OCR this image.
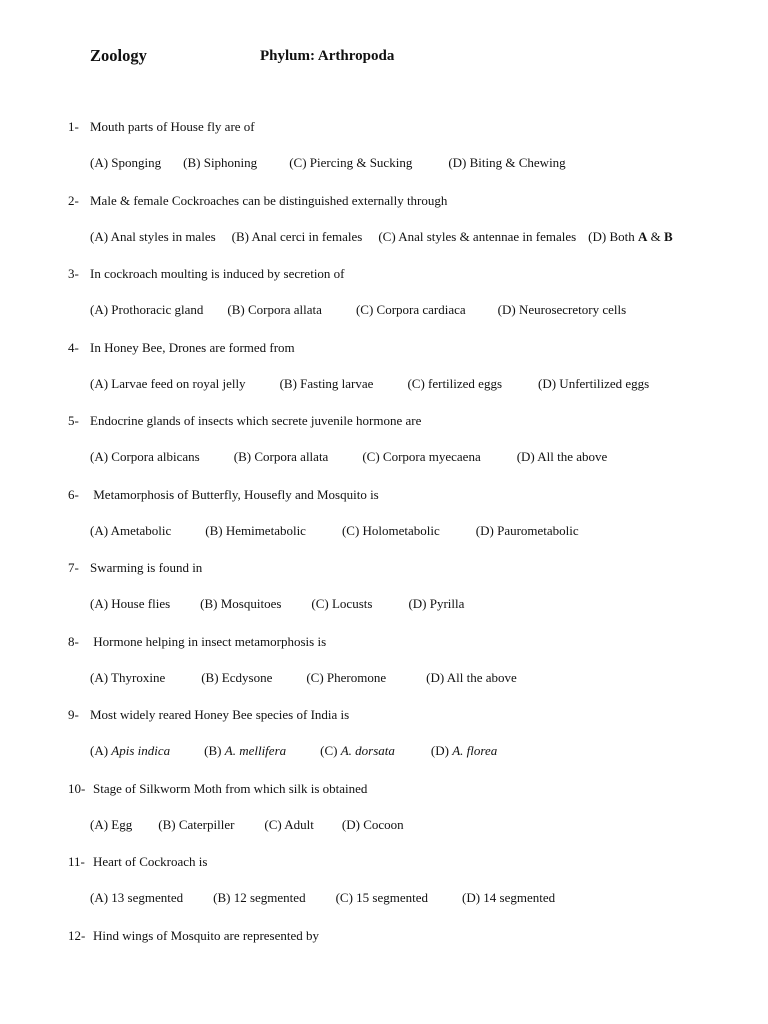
Zoology	Phylum: Arthropoda
1- Mouth parts of House fly are of
(A) Sponging (B) Siphoning (C) Piercing & Sucking	(D) Biting & Chewing
2- Male & female Cockroaches can be distinguished externally through
(A) Anal styles in males (B) Anal cerci in females (C) Anal styles & antennae in females (D) Both A & B
3- In cockroach moulting is induced by secretion of
(A) Prothoracic gland (B) Corpora allata	(C) Corpora cardiaca (D) Neurosecretory cells
4- In Honey Bee, Drones are formed from
(A) Larvae feed on royal jelly	(B) Fasting larvae	(C) fertilized eggs	(D) Unfertilized eggs
5- Endocrine glands of insects which secrete juvenile hormone are
(A) Corpora albicans	(B) Corpora allata	(C) Corpora myecaena	(D) All the above
6- Metamorphosis of Butterfly, Housefly and Mosquito is
(A) Ametabolic	(B) Hemimetabolic	(C) Holometabolic	(D) Paurometabolic
7- Swarming is found in
(A) House flies (B) Mosquitoes (C) Locusts	(D) Pyrilla
8- Hormone helping in insect metamorphosis is
(A) Thyroxine	(B) Ecdysone	(C) Pheromone	(D) All the above
9- Most widely reared Honey Bee species of India is
(A) Apis indica	(B) A. mellifera	(C) A. dorsata	(D) A. florea
10- Stage of Silkworm Moth from which silk is obtained
(A) Egg (B) Caterpiller (C) Adult (D) Cocoon
11- Heart of Cockroach is
(A) 13 segmented (B) 12 segmented (C) 15 segmented	(D) 14 segmented
12- Hind wings of Mosquito are represented by
